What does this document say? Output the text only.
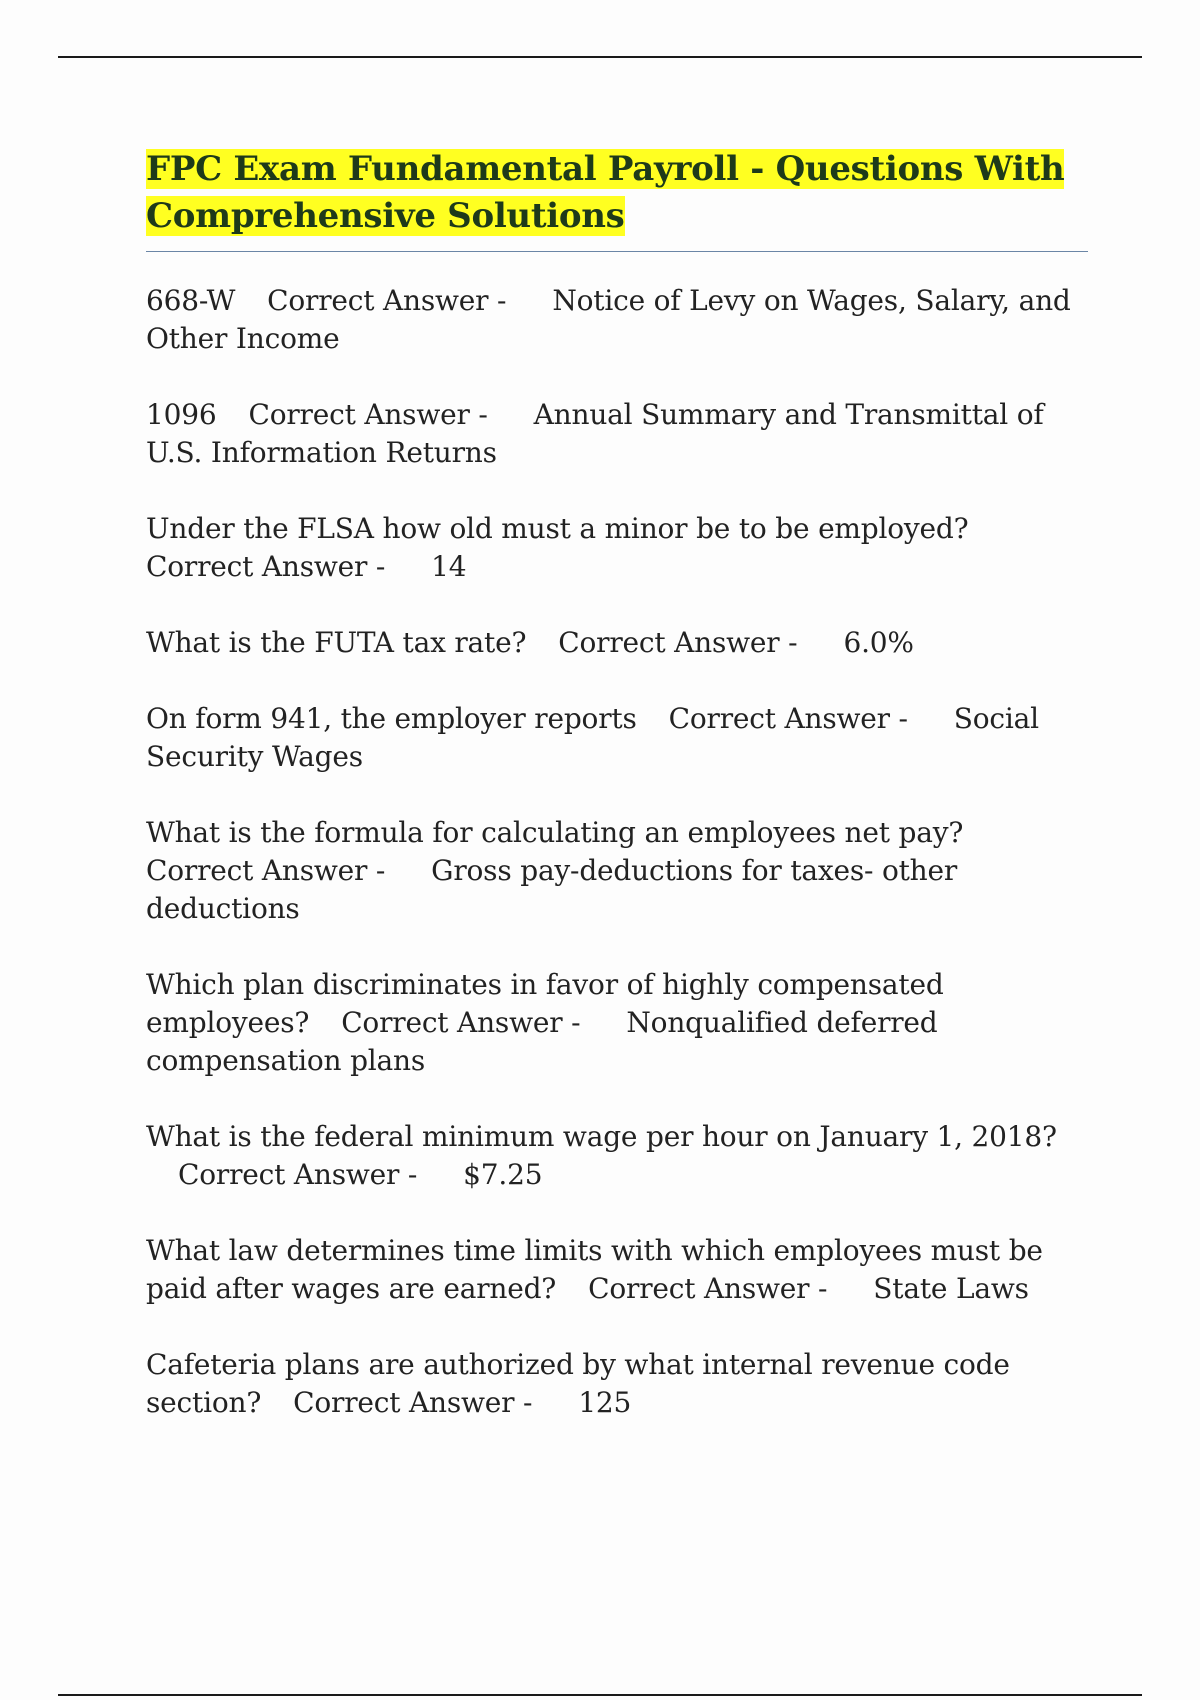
FPC Exam Fundamental Payroll - Questions With Comprehensive Solutions

668-W Correct Answer - Notice of Levy on Wages, Salary, and Other Income

1096 Correct Answer - Annual Summary and Transmittal of U.S. Information Returns

Under the FLSA how old must a minor be to be employed?Correct Answer - 14

What is the FUTA tax rate? Correct Answer - 6.0%

On form 941, the employer reports Correct Answer - Social Security Wages

What is the formula for calculating an employees net pay?Correct Answer - Gross pay-deductions for taxes- other deductions

Which plan discriminates in favor of highly compensated employees? Correct Answer - Nonqualified deferred compensation plans

What is the federal minimum wage per hour on January 1, 2018?Correct Answer - $7.25

What law determines time limits with which employees must be paid after wages are earned? Correct Answer - State Laws

Cafeteria plans are authorized by what internal revenue code section? Correct Answer - 125
